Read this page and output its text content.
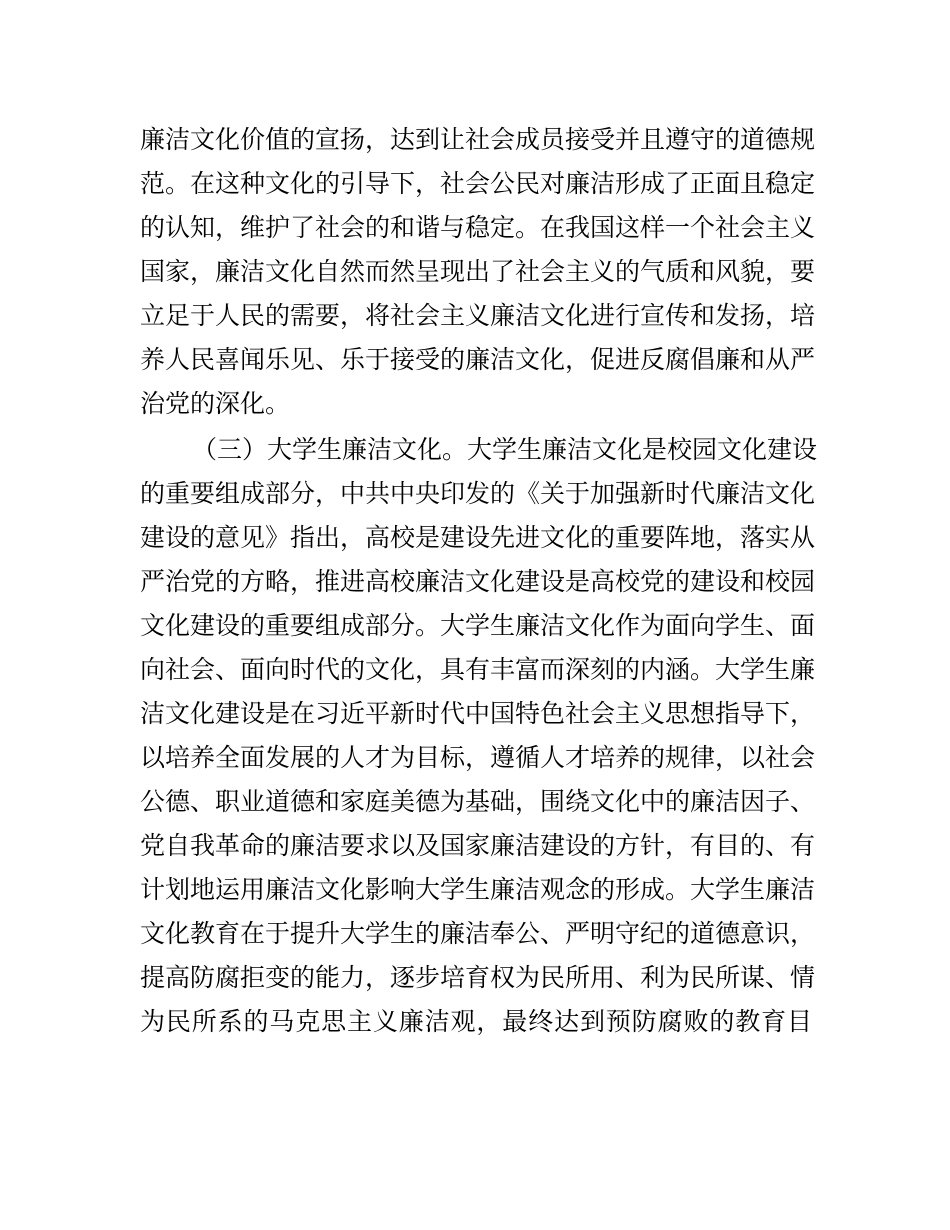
廉洁文化价值的宣扬，达到让社会成员接受并且遵守的道德规
范。在这种文化的引导下，社会公民对廉洁形成了正面且稳定
的认知，维护了社会的和谐与稳定。在我国这样一个社会主义
国家，廉洁文化自然而然呈现出了社会主义的气质和风貌，要
立足于人民的需要，将社会主义廉洁文化进行宣传和发扬，培
养人民喜闻乐见、乐于接受的廉洁文化，促进反腐倡廉和从严
治党的深化。
（三）大学生廉洁文化。大学生廉洁文化是校园文化建设
的重要组成部分，中共中央印发的《关于加强新时代廉洁文化
建设的意见》指出，高校是建设先进文化的重要阵地，落实从
严治党的方略，推进高校廉洁文化建设是高校党的建设和校园
文化建设的重要组成部分。大学生廉洁文化作为面向学生、面
向社会、面向时代的文化，具有丰富而深刻的内涵。大学生廉
洁文化建设是在习近平新时代中国特色社会主义思想指导下，
以培养全面发展的人才为目标，遵循人才培养的规律，以社会
公德、职业道德和家庭美德为基础，围绕文化中的廉洁因子、
党自我革命的廉洁要求以及国家廉洁建设的方针，有目的、有
计划地运用廉洁文化影响大学生廉洁观念的形成。大学生廉洁
文化教育在于提升大学生的廉洁奉公、严明守纪的道德意识，
提高防腐拒变的能力，逐步培育权为民所用、利为民所谋、情
为民所系的马克思主义廉洁观，最终达到预防腐败的教育目
